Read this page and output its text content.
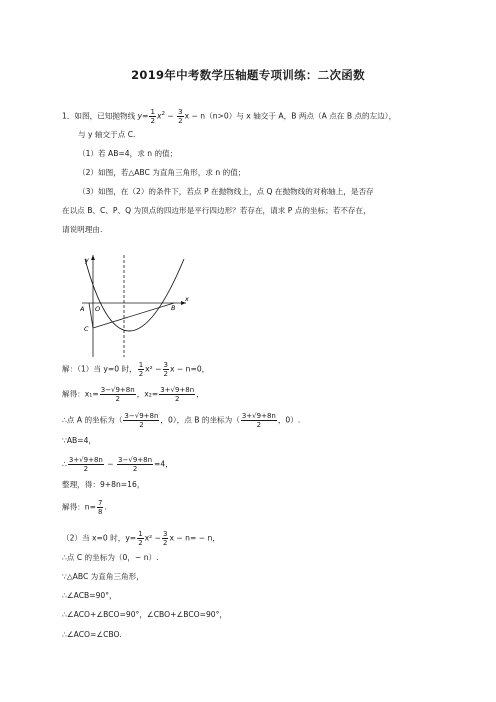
2019年中考数学压轴题专项训练：二次函数
1．如图，已知抛物线 $y= \frac{1}{2} x^2 - \frac{3}{2}$ x − n（n>0）与 x 轴交于 A，B 两点（A 点在 B 点的左边），
与 y 轴交于点 C.
（1）若 AB=4，求 n 的值；
（2）如图，若△ABC 为直角三角形，求 n 的值；
（3）如图，在（2）的条件下，若点 P 在抛物线上，点 Q 在抛物线的对称轴上，是否存
在以点 B、C、P、Q 为顶点的四边形是平行四边形？若存在，请求 P 点的坐标；若不存在，
请说明理由.
y
x
A O	B
C
解：（1）当 y=0 时， $\frac{1}{2} x^2 - \frac{3}{2}$ x − n=0，
解得：$x_1= \frac{3-√9+8n}{2}$ ，$x_2= \frac{3+√9+8n}{2}$ ，
∴点 A 的坐标为（ $\frac{3-√9+8n}{2}$ ，0），点 B 的坐标为（ $\frac{3+√9+8n}{2}$ ，0）.
∵AB=4，
∴ $\frac{3+√9+8n}{2} - \frac{3-√9+8n}{2} =4$，
整理，得：9+8n=16，
解得：$n= \frac{7}{8}$ .
（2）当 x=0 时，$y= \frac{1}{2} x^2 - \frac{3}{2}$ x − n= − n，
∴点 C 的坐标为（0，− n）.
∵△ABC 为直角三角形，
∴∠ACB=90°，
∴∠ACO+∠BCO=90°，∠CBO+∠BCO=90°，
∴∠ACO=∠CBO.
